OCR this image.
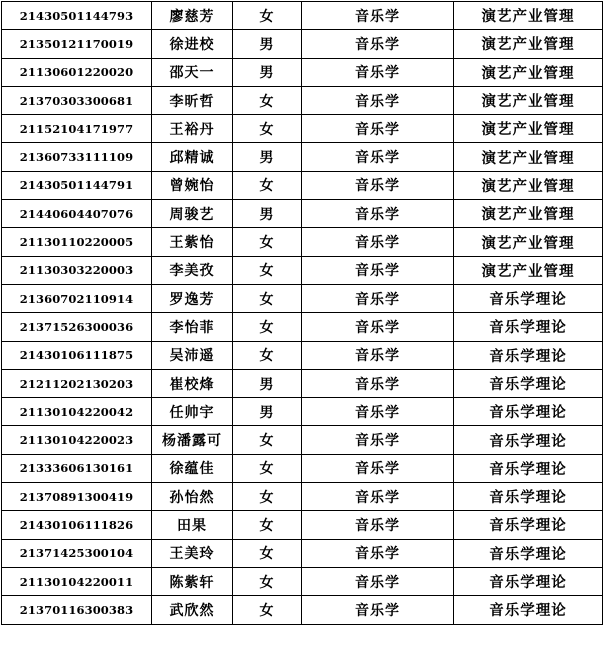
21430501144793	廖慈芳	女	音乐学	演艺产业管理
21350121170019	徐进校	男	音乐学	演艺产业管理
21130601220020	邵天一	男	音乐学	演艺产业管理
21370303300681	李昕哲	女	音乐学	演艺产业管理
21152104171977	王裕丹	女	音乐学	演艺产业管理
21360733111109	邱精诚	男	音乐学	演艺产业管理
21430501144791	曾婉怡	女	音乐学	演艺产业管理
21440604407076	周骏艺	男	音乐学	演艺产业管理
21130110220005	王紫怡	女	音乐学	演艺产业管理
21130303220003	李美孜	女	音乐学	演艺产业管理
21360702110914	罗逸芳	女	音乐学	音乐学理论
21371526300036	李怡菲	女	音乐学	音乐学理论
21430106111875	吴沛遥	女	音乐学	音乐学理论
21211202130203	崔校烽	男	音乐学	音乐学理论
21130104220042	任帅宇	男	音乐学	音乐学理论
21130104220023	杨潘露可	女	音乐学	音乐学理论
21333606130161	徐蕴佳	女	音乐学	音乐学理论
21370891300419	孙怡然	女	音乐学	音乐学理论
21430106111826	田果	女	音乐学	音乐学理论
21371425300104	王美玲	女	音乐学	音乐学理论
21130104220011	陈紫轩	女	音乐学	音乐学理论
21370116300383	武欣然	女	音乐学	音乐学理论
